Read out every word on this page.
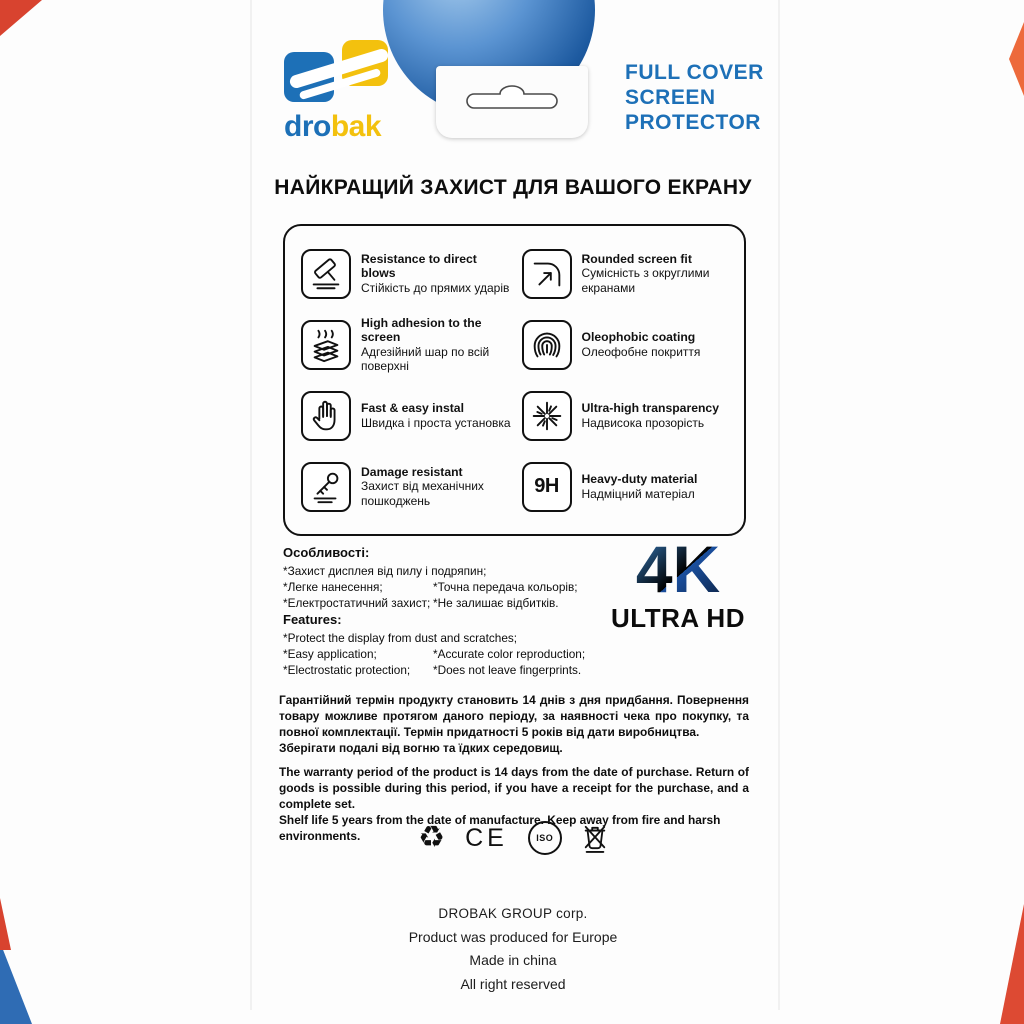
drobak
FULL COVER
SCREEN
PROTECTOR
НАЙКРАЩИЙ ЗАХИСТ ДЛЯ ВАШОГО ЕКРАНУ
Resistance to direct blows
Стійкість до прямих ударів
Rounded screen fit
Сумісність з округлими екранами
High adhesion to the screen
Адгезійний шар по всій поверхні
Oleophobic coating
Олеофобне покриття
Fast & easy instal
Швидка і проста установка
Ultra-high transparency
Надвисока прозорість
Damage resistant
Захист від механічних пошкоджень
9H Heavy-duty material
Надміцний матеріал
Особливості:
*Захист дисплея від пилу і подряпин;
*Легке нанесення;	*Точна передача кольорів;
*Електростатичний захист; *Не залишає відбитків. 4K
ULTRA HD
Features:
*Protect the display from dust and scratches;
*Easy application;	*Accurate color reproduction;
*Electrostatic protection;	*Does not leave fingerprints.
Гарантійний термін продукту становить 14 днів з дня придбання. Повернення товару можливе протягом даного періоду, за наявності чека про покупку, та повної комплектації. Термін придатності 5 років від дати виробництва.
Зберігати подалі від вогню та їдких середовищ.
The warranty period of the product is 14 days from the date of purchase. Return of goods is possible during this period, if you have a receipt for the purchase, and a complete set.
Shelf life 5 years from the date of manufacture. Keep away from fire and harsh environments.	♻ CE	ISO
DROBAK GROUP corp.
Product was produced for Europe
Made in china
All right reserved
